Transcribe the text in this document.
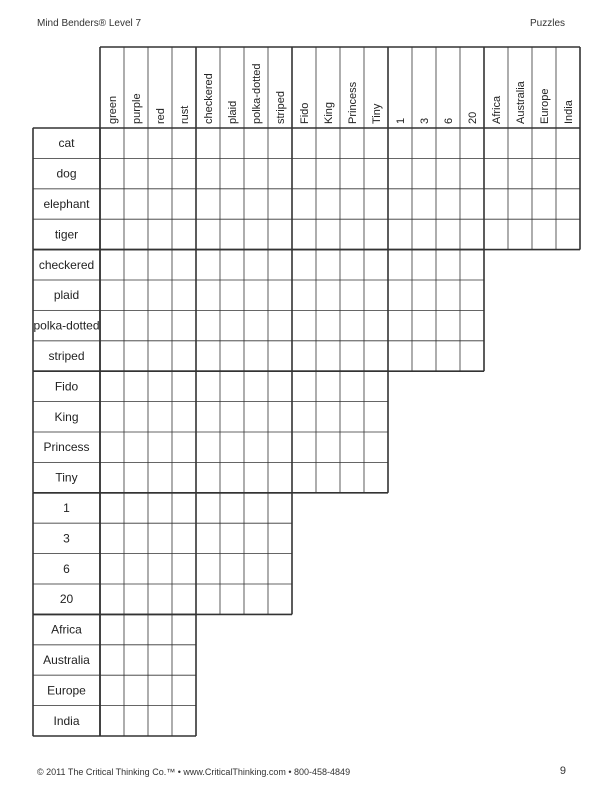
Mind Benders® Level 7	Puzzles
green purple red rust checkered plaid polka-dotted striped Fido King Princess Tiny 1 3 6 20 Africa Australia Europe India
cat
dog
elephant
tiger
checkered
plaid
polka-dotted
striped
Fido
King
Princess
Tiny
1
3
6
20
Africa
Australia
Europe
India
© 2011 The Critical Thinking Co.™ • www.CriticalThinking.com • 800-458-4849	9
